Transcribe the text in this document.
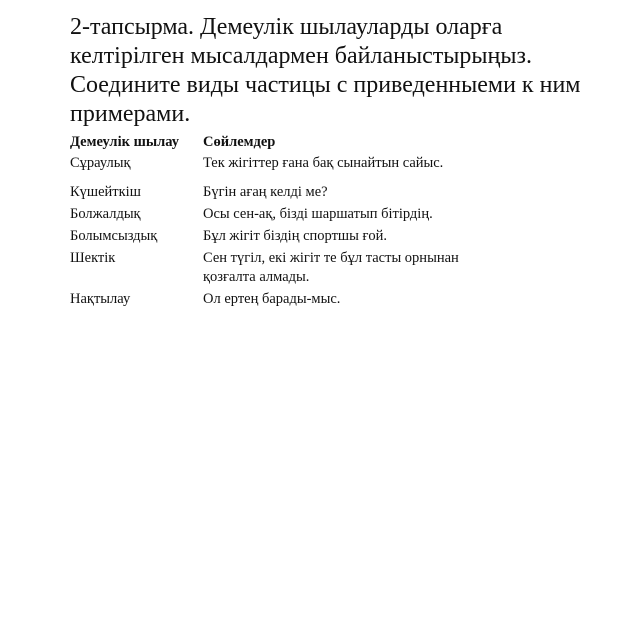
2-тапсырма. Демеулік шылауларды оларға
келтірілген мысалдармен байланыстырыңыз.
Соедините виды частицы с приведенныеми к ним
примерами.
Демеулік шылау	Сөйлемдер
Сұраулық	Тек жігіттер ғана бақ сынайтын сайыс.

Күшейткіш	Бүгін ағаң келді ме?

Болжалдық	Осы сен-ақ, бізді шаршатып бітірдің.

Болымсыздық	Бұл жігіт біздің спортшы ғой.

Шектік	Сен түгіл, екі жігіт те бұл тасты орнынан
қозғалта алмады.

Нақтылау	Ол ертең барады-мыс.
